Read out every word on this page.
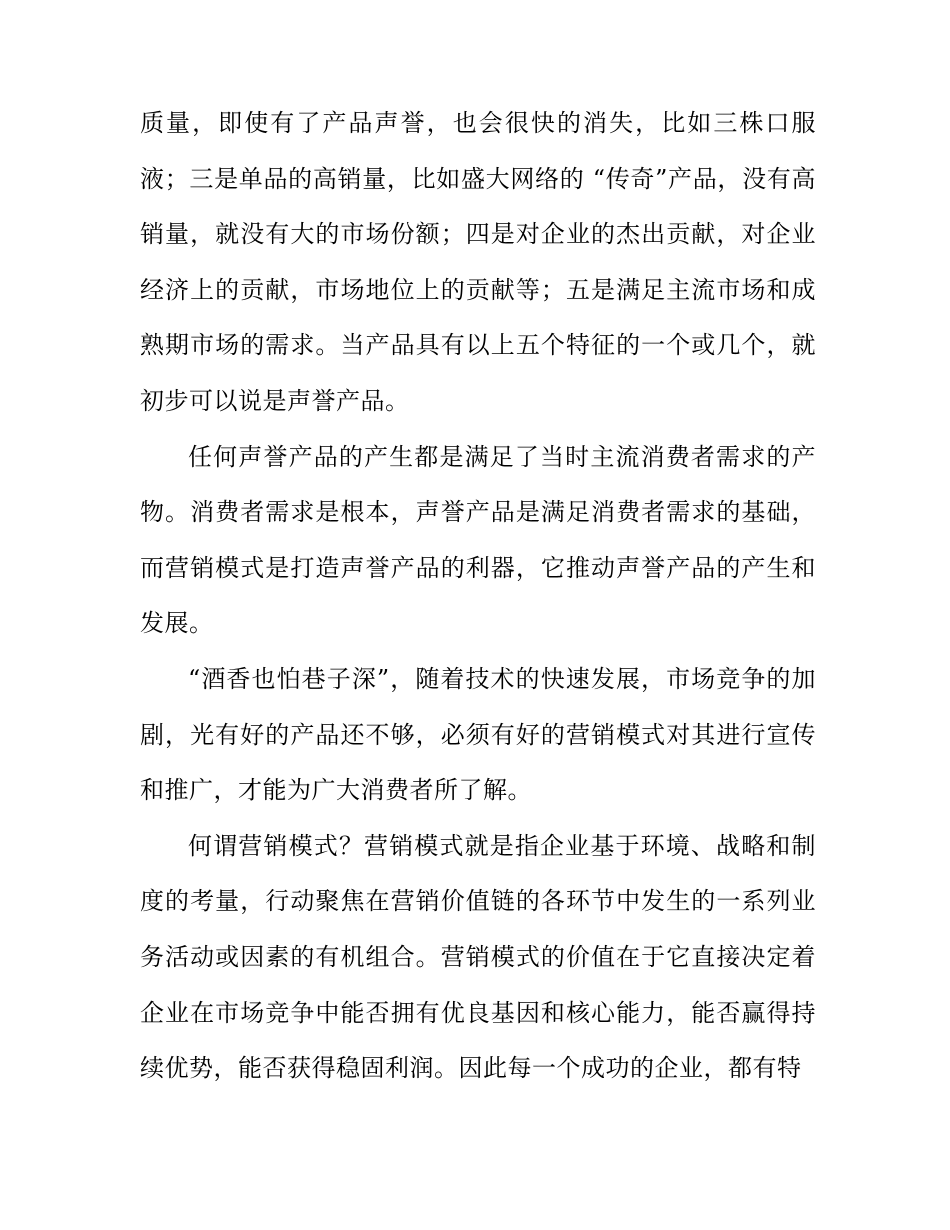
质量，即使有了产品声誉，也会很快的消失，比如三株口服液；三是单品的高销量，比如盛大网络的 “传奇”产品，没有高销量，就没有大的市场份额；四是对企业的杰出贡献，对企业经济上的贡献，市场地位上的贡献等；五是满足主流市场和成熟期市场的需求。当产品具有以上五个特征的一个或几个，就初步可以说是声誉产品。

任何声誉产品的产生都是满足了当时主流消费者需求的产物。消费者需求是根本，声誉产品是满足消费者需求的基础，而营销模式是打造声誉产品的利器，它推动声誉产品的产生和发展。

“酒香也怕巷子深”，随着技术的快速发展，市场竞争的加剧，光有好的产品还不够，必须有好的营销模式对其进行宣传和推广，才能为广大消费者所了解。

何谓营销模式？营销模式就是指企业基于环境、战略和制度的考量，行动聚焦在营销价值链的各环节中发生的一系列业务活动或因素的有机组合。营销模式的价值在于它直接决定着企业在市场竞争中能否拥有优良基因和核心能力，能否赢得持续优势，能否获得稳固利润。因此每一个成功的企业，都有特
